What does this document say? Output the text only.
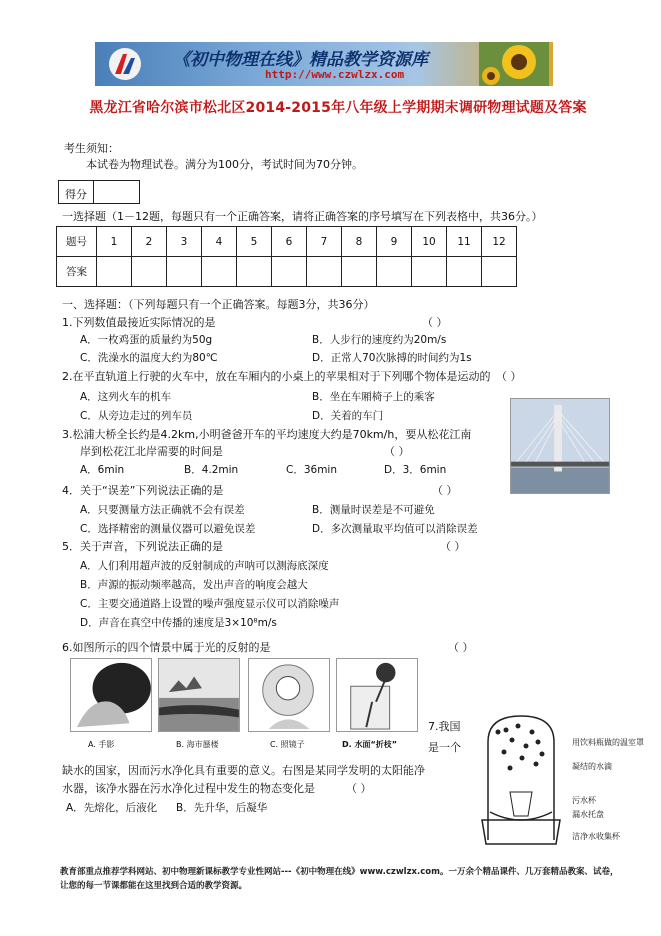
《初中物理在线》精品教学资源库
http://www.czwlzx.com
黑龙江省哈尔滨市松北区2014-2015年八年级上学期期末调研物理试题及答案
考生须知：
本试卷为物理试卷。满分为100分，考试时间为70分钟。
得分
一选择题（1－12题，每题只有一个正确答案，请将正确答案的序号填写在下列表格中，共36分。）
题号	1	2	3	4	5	6	7	8	9	10	11	12
答案												
一、选择题：（下列每题只有一个正确答案。每题3分，共36分）
1.下列数值最接近实际情况的是	（ ）
A．一枚鸡蛋的质量约为50g	B．人步行的速度约为20m/s
C．洗澡水的温度大约为80℃	D．正常人70次脉搏的时间约为1s
2.在平直轨道上行驶的火车中，放在车厢内的小桌上的苹果相对于下列哪个物体是运动的 （ ）
A．这列火车的机车	B．坐在车厢椅子上的乘客
C．从旁边走过的列车员	D．关着的车门
3.松浦大桥全长约是4.2km,小明爸爸开车的平均速度大约是70km/h，要从松花江南
岸到松花江北岸需要的时间是	（ ）
A．6min	B．4.2min	C．36min	D．3．6min
4．关于“误差”下列说法正确的是	（ ）
A．只要测量方法正确就不会有误差	B．测量时误差是不可避免
C．选择精密的测量仪器可以避免误差	D．多次测量取平均值可以消除误差
5．关于声音，下列说法正确的是	（ ）
A．人们利用超声波的反射制成的声呐可以测海底深度
B．声源的振动频率越高，发出声音的响度会越大
C．主要交通道路上设置的噪声强度显示仪可以消除噪声
D．声音在真空中传播的速度是3×10⁸m/s
6.如图所示的四个情景中属于光的反射的是	（ ）
A. 手影	B. 海市蜃楼	C. 照镜子	D. 水面“折枝”
7.我国
是一个
缺水的国家，因而污水净化具有重要的意义。右图是某同学发明的太阳能净
水器，该净水器在污水净化过程中发生的物态变化是	（ ）
A．先熔化，后液化 B．先升华，后凝华
用饮料瓶做的温室罩
凝结的水滴
污水杯
漏水托盘
洁净水收集杯
教育部重点推荐学科网站、初中物理新课标教学专业性网站---《初中物理在线》www.czwlzx.com。一万余个精品课件、几万套精品教案、试卷，让您的每一节课都能在这里找到合适的教学资源。
